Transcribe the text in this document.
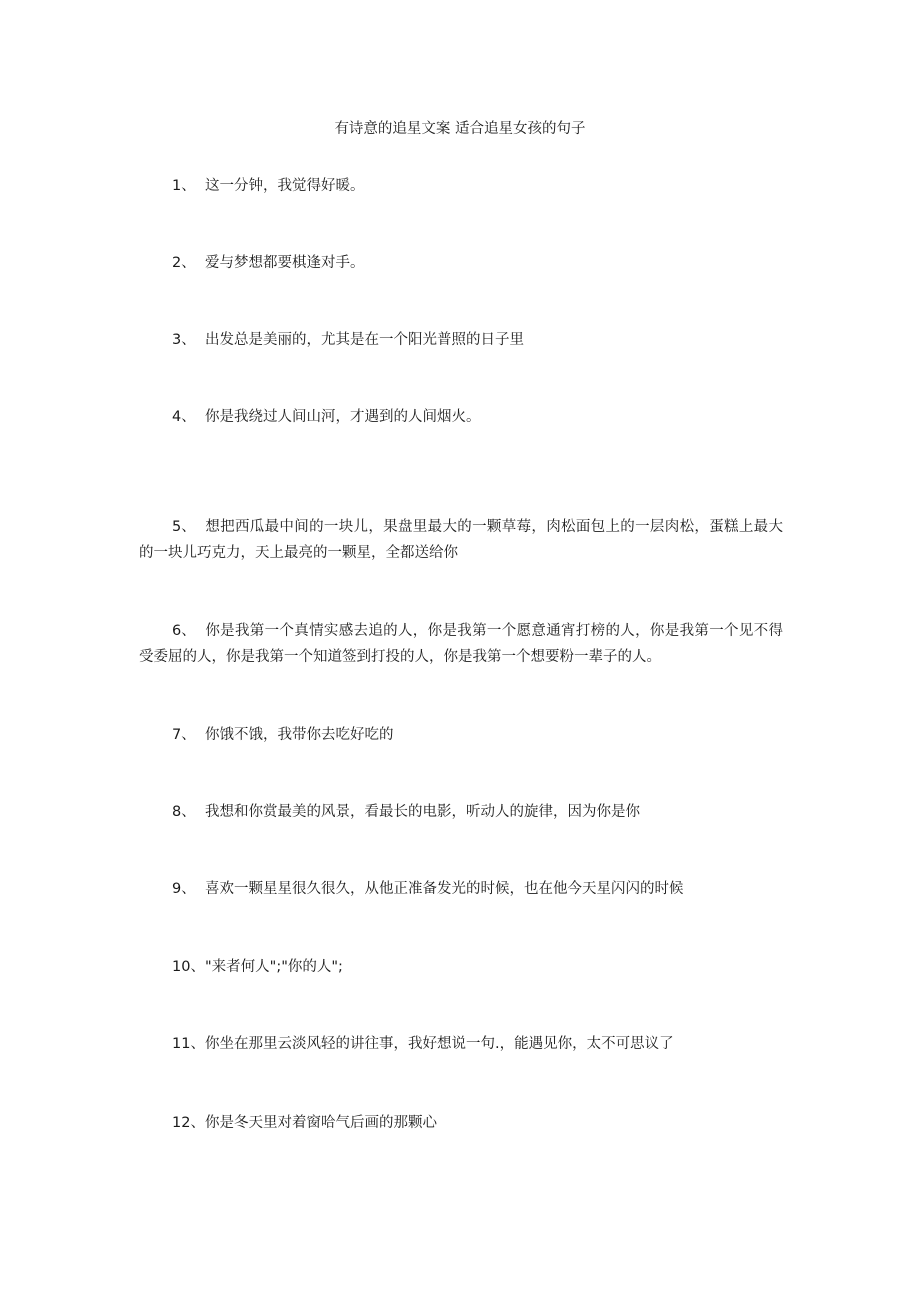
有诗意的追星文案 适合追星女孩的句子
1、 这一分钟，我觉得好暖。
2、 爱与梦想都要棋逢对手。
3、 出发总是美丽的，尤其是在一个阳光普照的日子里
4、 你是我绕过人间山河，才遇到的人间烟火。
5、 想把西瓜最中间的一块儿，果盘里最大的一颗草莓，肉松面包上的一层肉松，蛋糕上最大的一块儿巧克力，天上最亮的一颗星，全都送给你
6、 你是我第一个真情实感去追的人，你是我第一个愿意通宵打榜的人，你是我第一个见不得受委屈的人，你是我第一个知道签到打投的人，你是我第一个想要粉一辈子的人。
7、 你饿不饿，我带你去吃好吃的
8、 我想和你赏最美的风景，看最长的电影，听动人的旋律，因为你是你
9、 喜欢一颗星星很久很久，从他正准备发光的时候，也在他今天星闪闪的时候
10、"来者何人";"你的人";
11、你坐在那里云淡风轻的讲往事，我好想说一句.，能遇见你，太不可思议了
12、你是冬天里对着窗哈气后画的那颗心
